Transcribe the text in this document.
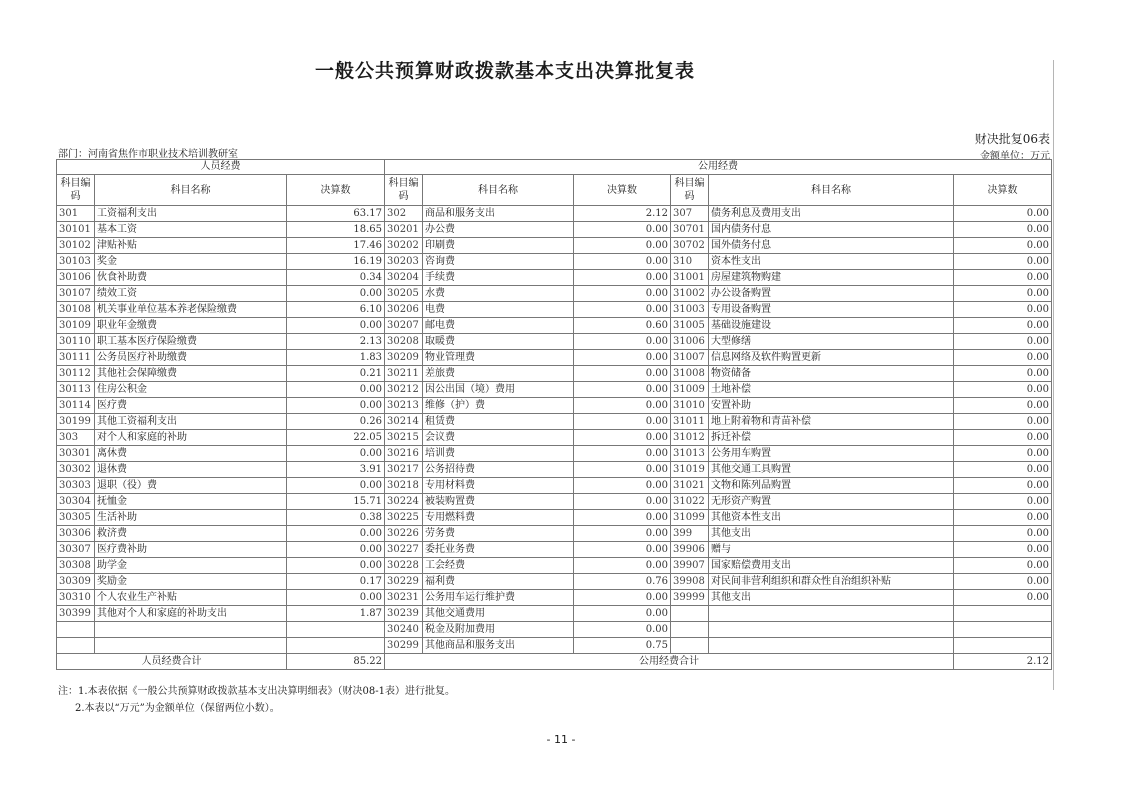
一般公共预算财政拨款基本支出决算批复表
财决批复06表
部门：河南省焦作市职业技术培训教研室	金额单位：万元
人员经费			公用经费					
科目编码	科目名称	决算数	科目编码	科目名称	决算数	科目编码	科目名称	决算数
301	工资福利支出	63.17	302	商品和服务支出	2.12	307	债务利息及费用支出	0.00
30101	基本工资	18.65	30201	办公费	0.00	30701	国内债务付息	0.00
30102	津贴补贴	17.46	30202	印刷费	0.00	30702	国外债务付息	0.00
30103	奖金	16.19	30203	咨询费	0.00	310	资本性支出	0.00
30106	伙食补助费	0.34	30204	手续费	0.00	31001	房屋建筑物购建	0.00
30107	绩效工资	0.00	30205	水费	0.00	31002	办公设备购置	0.00
30108	机关事业单位基本养老保险缴费	6.10	30206	电费	0.00	31003	专用设备购置	0.00
30109	职业年金缴费	0.00	30207	邮电费	0.60	31005	基础设施建设	0.00
30110	职工基本医疗保险缴费	2.13	30208	取暖费	0.00	31006	大型修缮	0.00
30111	公务员医疗补助缴费	1.83	30209	物业管理费	0.00	31007	信息网络及软件购置更新	0.00
30112	其他社会保障缴费	0.21	30211	差旅费	0.00	31008	物资储备	0.00
30113	住房公积金	0.00	30212	因公出国（境）费用	0.00	31009	土地补偿	0.00
30114	医疗费	0.00	30213	维修（护）费	0.00	31010	安置补助	0.00
30199	其他工资福利支出	0.26	30214	租赁费	0.00	31011	地上附着物和青苗补偿	0.00
303	对个人和家庭的补助	22.05	30215	会议费	0.00	31012	拆迁补偿	0.00
30301	离休费	0.00	30216	培训费	0.00	31013	公务用车购置	0.00
30302	退休费	3.91	30217	公务招待费	0.00	31019	其他交通工具购置	0.00
30303	退职（役）费	0.00	30218	专用材料费	0.00	31021	文物和陈列品购置	0.00
30304	抚恤金	15.71	30224	被装购置费	0.00	31022	无形资产购置	0.00
30305	生活补助	0.38	30225	专用燃料费	0.00	31099	其他资本性支出	0.00
30306	救济费	0.00	30226	劳务费	0.00	399	其他支出	0.00
30307	医疗费补助	0.00	30227	委托业务费	0.00	39906	赠与	0.00
30308	助学金	0.00	30228	工会经费	0.00	39907	国家赔偿费用支出	0.00
30309	奖励金	0.17	30229	福利费	0.76	39908	对民间非营利组织和群众性自治组织补贴	0.00
30310	个人农业生产补贴	0.00	30231	公务用车运行维护费	0.00	39999	其他支出	0.00
30399	其他对个人和家庭的补助支出	1.87	30239	其他交通费用	0.00			
			30240	税金及附加费用	0.00			
			30299	其他商品和服务支出	0.75			
人员经费合计		85.22	公用经费合计					2.12
注：1.本表依据《一般公共预算财政拨款基本支出决算明细表》（财决08-1表）进行批复。
2.本表以“万元”为金额单位（保留两位小数）。
- 11 -
